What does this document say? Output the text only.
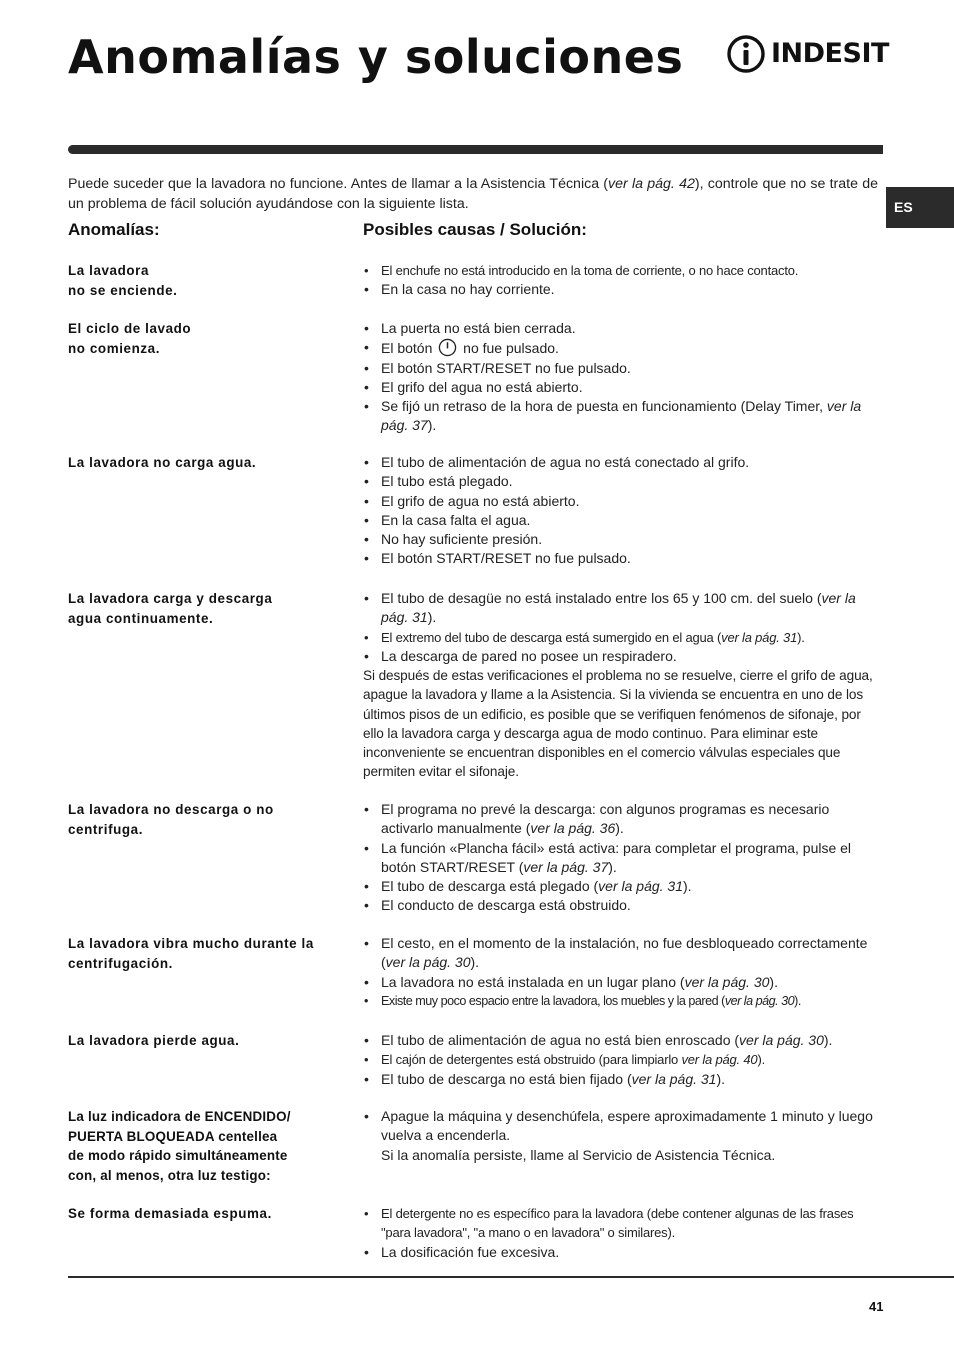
Anomalías y soluciones	INDESIT
ES

Puede suceder que la lavadora no funcione. Antes de llamar a la Asistencia Técnica (ver la pág. 42), controle que no se trate de un problema de fácil solución ayudándose con la siguiente lista.

Anomalías:	Posibles causas / Solución:
La lavadora
no se enciende.
• El enchufe no está introducido en la toma de corriente, o no hace contacto.
• En la casa no hay corriente.
El ciclo de lavado
no comienza.
• La puerta no está bien cerrada.
• El botón no fue pulsado.
• El botón START/RESET no fue pulsado.
• El grifo del agua no está abierto.
• Se fijó un retraso de la hora de puesta en funcionamiento (Delay Timer, ver la pág. 37).
La lavadora no carga agua.	• El tubo de alimentación de agua no está conectado al grifo.
• El tubo está plegado.
• El grifo de agua no está abierto.
• En la casa falta el agua.
• No hay suficiente presión.
• El botón START/RESET no fue pulsado.
La lavadora carga y descarga
agua continuamente.
• El tubo de desagüe no está instalado entre los 65 y 100 cm. del suelo (ver la pág. 31).
• El extremo del tubo de descarga está sumergido en el agua (ver la pág. 31).
• La descarga de pared no posee un respiradero.

Si después de estas verificaciones el problema no se resuelve, cierre el grifo de agua, apague la lavadora y llame a la Asistencia. Si la vivienda se encuentra en uno de los últimos pisos de un edificio, es posible que se verifiquen fenómenos de sifonaje, por ello la lavadora carga y descarga agua de modo continuo. Para eliminar este inconveniente se encuentran disponibles en el comercio válvulas especiales que permiten evitar el sifonaje.

La lavadora no descarga o no
centrifuga.
• El programa no prevé la descarga: con algunos programas es necesario activarlo manualmente (ver la pág. 36).
• La función «Plancha fácil» está activa: para completar el programa, pulse el botón START/RESET (ver la pág. 37).
• El tubo de descarga está plegado (ver la pág. 31).
• El conducto de descarga está obstruido.
La lavadora vibra mucho durante la centrifugación.
• El cesto, en el momento de la instalación, no fue desbloqueado correctamente (ver la pág. 30).
• La lavadora no está instalada en un lugar plano (ver la pág. 30).
• Existe muy poco espacio entre la lavadora, los muebles y la pared (ver la pág. 30).
La lavadora pierde agua.	• El tubo de alimentación de agua no está bien enroscado (ver la pág. 30).
• El cajón de detergentes está obstruido (para limpiarlo ver la pág. 40).
• El tubo de descarga no está bien fijado (ver la pág. 31).
La luz indicadora de ENCENDIDO/
PUERTA BLOQUEADA centellea
de modo rápido simultáneamente
con, al menos, otra luz testigo:
• Apague la máquina y desenchúfela, espere aproximadamente 1 minuto y luego vuelva a encenderla.
Si la anomalía persiste, llame al Servicio de Asistencia Técnica.
Se forma demasiada espuma.	• El detergente no es específico para la lavadora (debe contener algunas de las frases "para lavadora", "a mano o en lavadora" o similares).
• La dosificación fue excesiva.
41
